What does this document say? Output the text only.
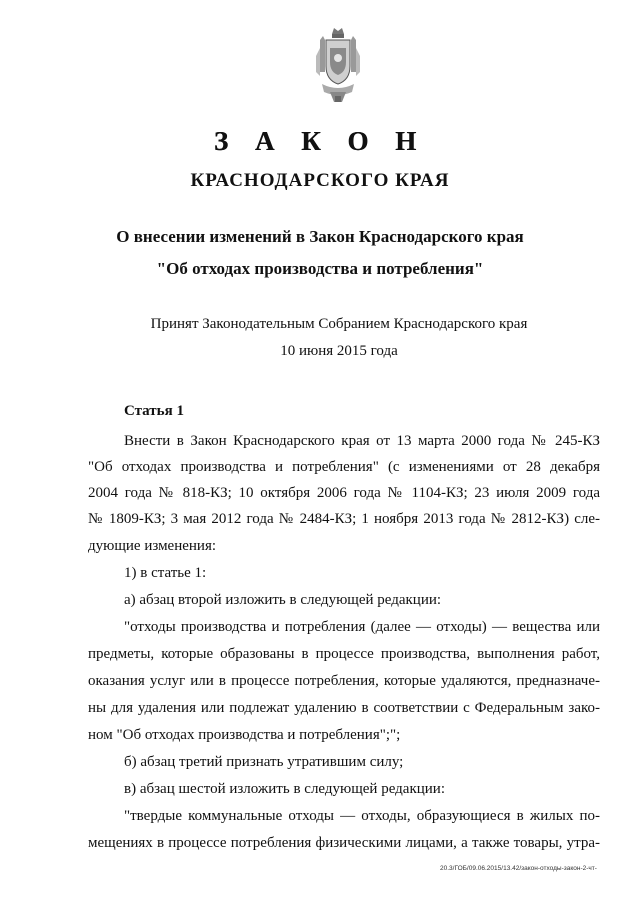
З А К О Н
КРАСНОДАРСКОГО КРАЯ
О внесении изменений в Закон Краснодарского края
"Об отходах производства и потребления"
Принят Законодательным Собранием Краснодарского края
10 июня 2015 года
Статья 1
Внести в Закон Краснодарского края от 13 марта 2000 года № 245-КЗ
"Об отходах производства и потребления" (с изменениями от 28 декабря
2004 года № 818-КЗ; 10 октября 2006 года № 1104-КЗ; 23 июля 2009 года
№ 1809-КЗ; 3 мая 2012 года № 2484-КЗ; 1 ноября 2013 года № 2812-КЗ) сле-
дующие изменения:
1) в статье 1:
а) абзац второй изложить в следующей редакции:
"отходы производства и потребления (далее — отходы) — вещества или
предметы, которые образованы в процессе производства, выполнения работ,
оказания услуг или в процессе потребления, которые удаляются, предназначе-
ны для удаления или подлежат удалению в соответствии с Федеральным зако-
ном "Об отходах производства и потребления";";
б) абзац третий признать утратившим силу;
в) абзац шестой изложить в следующей редакции:
"твердые коммунальные отходы — отходы, образующиеся в жилых по-
мещениях в процессе потребления физическими лицами, а также товары, утра-
20.3/ГОБ/09.06.2015/13.42/закон-отходы-закон-2-чт-
